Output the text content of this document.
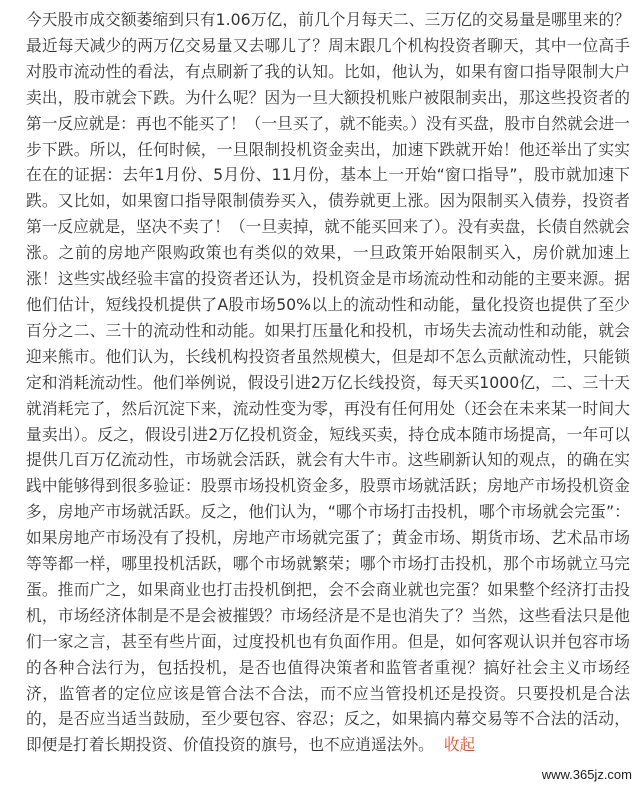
今天股市成交额萎缩到只有1.06万亿，前几个月每天二、三万亿的交易量是哪里来的？最近每天减少的两万亿交易量又去哪儿了？周末跟几个机构投资者聊天，其中一位高手对股市流动性的看法，有点刷新了我的认知。比如，他认为，如果有窗口指导限制大户卖出，股市就会下跌。为什么呢？因为一旦大额投机账户被限制卖出，那这些投资者的第一反应就是：再也不能买了！（一旦买了，就不能卖。）没有买盘，股市自然就会进一步下跌。所以，任何时候，一旦限制投机资金卖出，加速下跌就开始！他还举出了实实在在的证据：去年1月份、5月份、11月份，基本上一开始“窗口指导”，股市就加速下跌。又比如，如果窗口指导限制债券买入，债券就更上涨。因为限制买入债券，投资者第一反应就是，坚决不卖了！（一旦卖掉，就不能买回来了）。没有卖盘，长债自然就会涨。之前的房地产限购政策也有类似的效果，一旦政策开始限制买入，房价就加速上涨！这些实战经验丰富的投资者还认为，投机资金是市场流动性和动能的主要来源。据他们估计，短线投机提供了A股市场50%以上的流动性和动能，量化投资也提供了至少百分之二、三十的流动性和动能。如果打压量化和投机，市场失去流动性和动能，就会迎来熊市。他们认为，长线机构投资者虽然规模大，但是却不怎么贡献流动性，只能锁定和消耗流动性。他们举例说，假设引进2万亿长线投资，每天买1000亿，二、三十天就消耗完了，然后沉淀下来，流动性变为零，再没有任何用处（还会在未来某一时间大量卖出）。反之，假设引进2万亿投机资金，短线买卖，持仓成本随市场提高，一年可以提供几百万亿流动性，市场就会活跃，就会有大牛市。这些刷新认知的观点，的确在实践中能够得到很多验证：股票市场投机资金多，股票市场就活跃；房地产市场投机资金多，房地产市场就活跃。反之，他们认为，“哪个市场打击投机，哪个市场就会完蛋”：如果房地产市场没有了投机，房地产市场就完蛋了；黄金市场、期货市场、艺术品市场等等都一样，哪里投机活跃，哪个市场就繁荣；哪个市场打击投机，那个市场就立马完蛋。推而广之，如果商业也打击投机倒把，会不会商业就也完蛋？如果整个经济打击投机，市场经济体制是不是会被摧毁？市场经济是不是也消失了？当然，这些看法只是他们一家之言，甚至有些片面，过度投机也有负面作用。但是，如何客观认识并包容市场的各种合法行为，包括投机，是否也值得决策者和监管者重视？搞好社会主义市场经济，监管者的定位应该是管合法不合法，而不应当管投机还是投资。只要投机是合法的，是否应当适当鼓励，至少要包容、容忍；反之，如果搞内幕交易等不合法的活动，即便是打着长期投资、价值投资的旗号，也不应逍遥法外。 收起
www.365jz.com
